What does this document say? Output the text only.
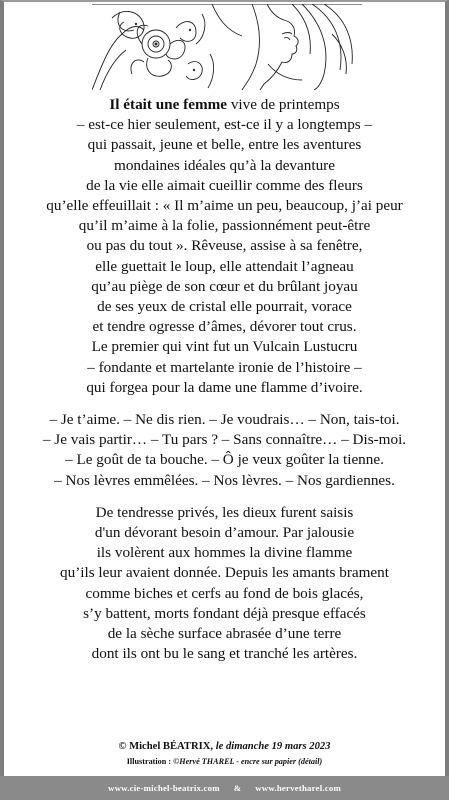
Il était une femme vive de printemps

– est-ce hier seulement, est-ce il y a longtemps –

qui passait, jeune et belle, entre les aventures

mondaines idéales qu’à la devanture

de la vie elle aimait cueillir comme des fleurs

qu’elle effeuillait : « Il m’aime un peu, beaucoup, j’ai peur

qu’il m’aime à la folie, passionnément peut-être

ou pas du tout ». Rêveuse, assise à sa fenêtre,

elle guettait le loup, elle attendait l’agneau

qu’au piège de son cœur et du brûlant joyau

de ses yeux de cristal elle pourrait, vorace

et tendre ogresse d’âmes, dévorer tout crus.

Le premier qui vint fut un Vulcain Lustucru

– fondante et martelante ironie de l’histoire –

qui forgea pour la dame une flamme d’ivoire.

– Je t’aime. – Ne dis rien. – Je voudrais… – Non, tais-toi.

– Je vais partir… – Tu pars ? – Sans connaître… – Dis-moi.

– Le goût de ta bouche. – Ô je veux goûter la tienne.

– Nos lèvres emmêlées. – Nos lèvres. – Nos gardiennes.

De tendresse privés, les dieux furent saisis

d'un dévorant besoin d’amour. Par jalousie

ils volèrent aux hommes la divine flamme

qu’ils leur avaient donnée. Depuis les amants brament

comme biches et cerfs au fond de bois glacés,

s’y battent, morts fondant déjà presque effacés

de la sèche surface abrasée d’une terre

dont ils ont bu le sang et tranché les artères.

© Michel BÉATRIX, le dimanche 19 mars 2023

Illustration : ©Hervé THAREL - encre sur papier (détail)

www.cie-michel-beatrix.com & www.hervetharel.com
